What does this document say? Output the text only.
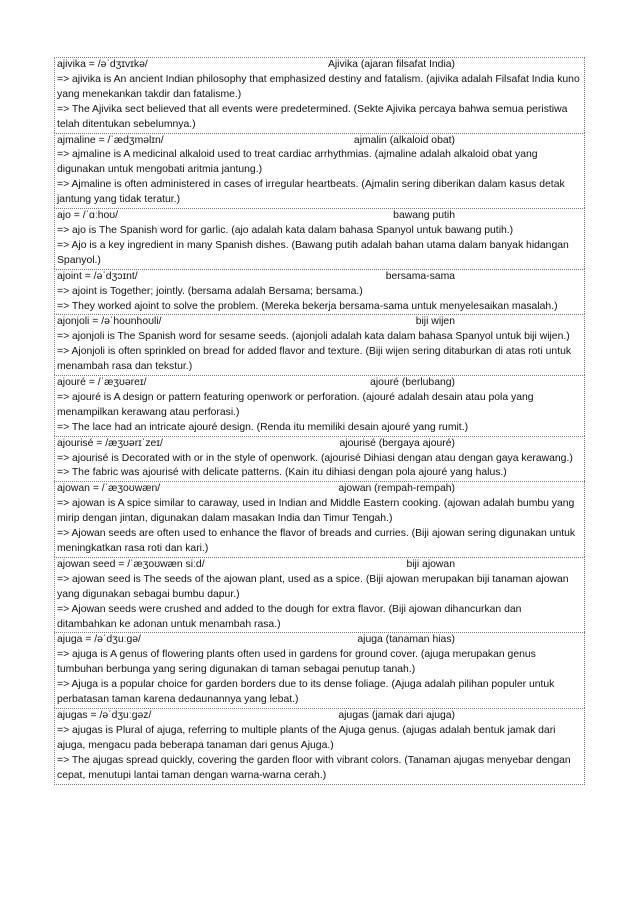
ajivika = /əˈdʒɪvɪkə/	Ajivika (ajaran filsafat India)
=> ajivika is An ancient Indian philosophy that emphasized destiny and fatalism. (ajivika adalah Filsafat India kuno yang menekankan takdir dan fatalisme.)
=> The Ajivika sect believed that all events were predetermined. (Sekte Ajivika percaya bahwa semua peristiwa telah ditentukan sebelumnya.)
ajmaline = /ˈædʒməlɪn/	ajmalin (alkaloid obat)
=> ajmaline is A medicinal alkaloid used to treat cardiac arrhythmias. (ajmaline adalah alkaloid obat yang digunakan untuk mengobati aritmia jantung.)
=> Ajmaline is often administered in cases of irregular heartbeats. (Ajmalin sering diberikan dalam kasus detak jantung yang tidak teratur.)
ajo = /ˈɑːhoʊ/	bawang putih
=> ajo is The Spanish word for garlic. (ajo adalah kata dalam bahasa Spanyol untuk bawang putih.)
=> Ajo is a key ingredient in many Spanish dishes. (Bawang putih adalah bahan utama dalam banyak hidangan Spanyol.)
ajoint = /əˈdʒɔɪnt/	bersama-sama
=> ajoint is Together; jointly. (bersama adalah Bersama; bersama.)
=> They worked ajoint to solve the problem. (Mereka bekerja bersama-sama untuk menyelesaikan masalah.)
ajonjoli = /əˈhoʊnhoʊli/	biji wijen
=> ajonjoli is The Spanish word for sesame seeds. (ajonjoli adalah kata dalam bahasa Spanyol untuk biji wijen.)
=> Ajonjoli is often sprinkled on bread for added flavor and texture. (Biji wijen sering ditaburkan di atas roti untuk menambah rasa dan tekstur.)
ajouré = /ˈæʒʊəreɪ/	ajouré (berlubang)
=> ajouré is A design or pattern featuring openwork or perforation. (ajouré adalah desain atau pola yang menampilkan kerawang atau perforasi.)
=> The lace had an intricate ajouré design. (Renda itu memiliki desain ajouré yang rumit.)
ajourisé = /æʒʊərɪˈzeɪ/	ajourisé (bergaya ajouré)
=> ajourisé is Decorated with or in the style of openwork. (ajourisé Dihiasi dengan atau dengan gaya kerawang.)
=> The fabric was ajourisé with delicate patterns. (Kain itu dihiasi dengan pola ajouré yang halus.)
ajowan = /ˈæʒoʊwæn/	ajowan (rempah-rempah)
=> ajowan is A spice similar to caraway, used in Indian and Middle Eastern cooking. (ajowan adalah bumbu yang mirip dengan jintan, digunakan dalam masakan India dan Timur Tengah.)
=> Ajowan seeds are often used to enhance the flavor of breads and curries. (Biji ajowan sering digunakan untuk meningkatkan rasa roti dan kari.)
ajowan seed = /ˈæʒoʊwæn siːd/	biji ajowan
=> ajowan seed is The seeds of the ajowan plant, used as a spice. (Biji ajowan merupakan biji tanaman ajowan yang digunakan sebagai bumbu dapur.)
=> Ajowan seeds were crushed and added to the dough for extra flavor. (Biji ajowan dihancurkan dan ditambahkan ke adonan untuk menambah rasa.)
ajuga = /əˈdʒuːɡə/	ajuga (tanaman hias)
=> ajuga is A genus of flowering plants often used in gardens for ground cover. (ajuga merupakan genus tumbuhan berbunga yang sering digunakan di taman sebagai penutup tanah.)
=> Ajuga is a popular choice for garden borders due to its dense foliage. (Ajuga adalah pilihan populer untuk perbatasan taman karena dedaunannya yang lebat.)
ajugas = /əˈdʒuːɡəz/	ajugas (jamak dari ajuga)
=> ajugas is Plural of ajuga, referring to multiple plants of the Ajuga genus. (ajugas adalah bentuk jamak dari ajuga, mengacu pada beberapa tanaman dari genus Ajuga.)
=> The ajugas spread quickly, covering the garden floor with vibrant colors. (Tanaman ajugas menyebar dengan cepat, menutupi lantai taman dengan warna-warna cerah.)
